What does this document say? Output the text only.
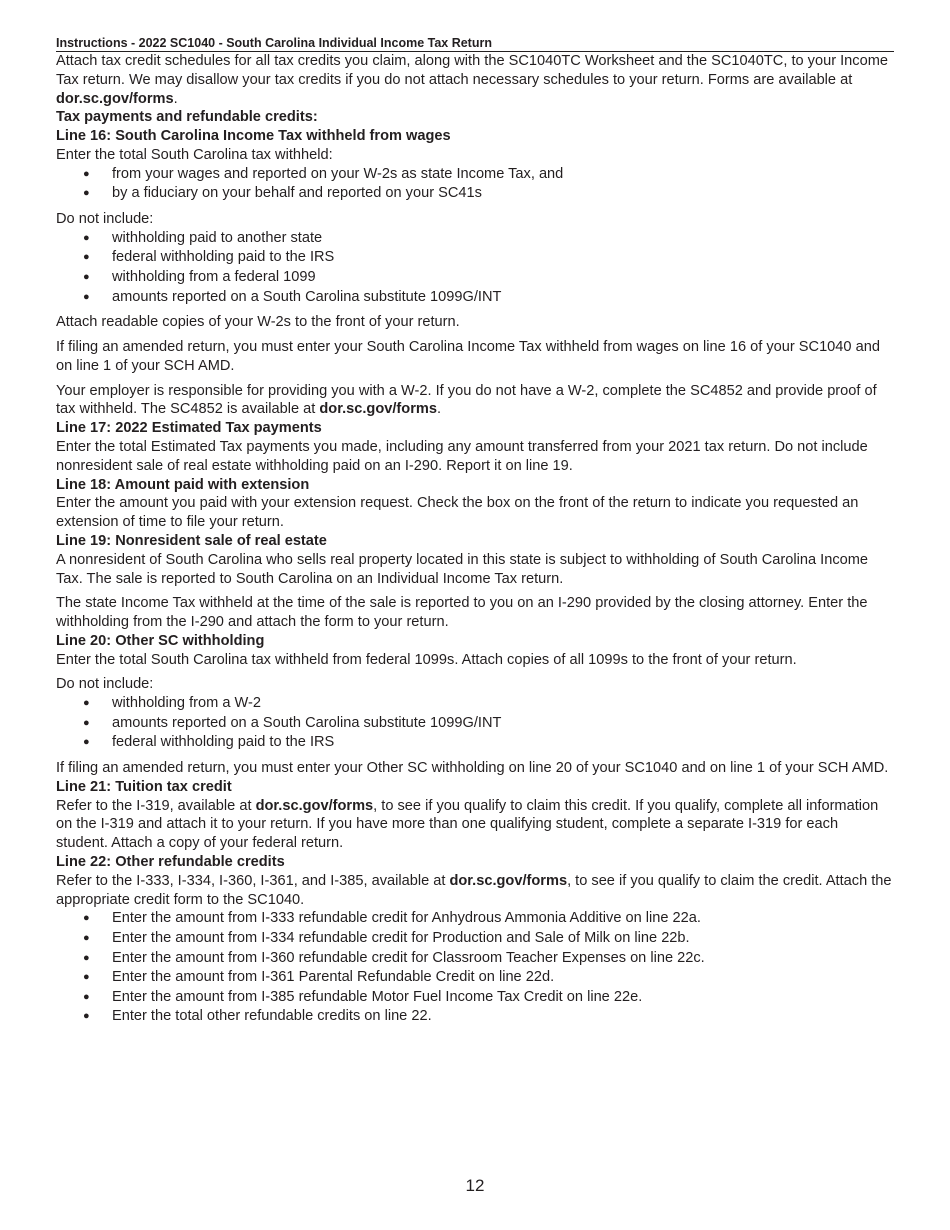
Instructions - 2022 SC1040 - South Carolina Individual Income Tax Return

Attach tax credit schedules for all tax credits you claim, along with the SC1040TC Worksheet and the SC1040TC, to your Income Tax return. We may disallow your tax credits if you do not attach necessary schedules to your return. Forms are available at dor.sc.gov/forms.

Tax payments and refundable credits:
Line 16: South Carolina Income Tax withheld from wages

Enter the total South Carolina tax withheld:

● from your wages and reported on your W-2s as state Income Tax, and
● by a fiduciary on your behalf and reported on your SC41s

Do not include:

● withholding paid to another state
● federal withholding paid to the IRS
● withholding from a federal 1099
● amounts reported on a South Carolina substitute 1099G/INT

Attach readable copies of your W-2s to the front of your return.

If filing an amended return, you must enter your South Carolina Income Tax withheld from wages on line 16 of your SC1040 and on line 1 of your SCH AMD.

Your employer is responsible for providing you with a W-2. If you do not have a W-2, complete the SC4852 and provide proof of tax withheld. The SC4852 is available at dor.sc.gov/forms.

Line 17: 2022 Estimated Tax payments

Enter the total Estimated Tax payments you made, including any amount transferred from your 2021 tax return. Do not include nonresident sale of real estate withholding paid on an I-290. Report it on line 19.

Line 18: Amount paid with extension

Enter the amount you paid with your extension request. Check the box on the front of the return to indicate you requested an extension of time to file your return.

Line 19: Nonresident sale of real estate

A nonresident of South Carolina who sells real property located in this state is subject to withholding of South Carolina Income Tax. The sale is reported to South Carolina on an Individual Income Tax return.

The state Income Tax withheld at the time of the sale is reported to you on an I-290 provided by the closing attorney. Enter the withholding from the I-290 and attach the form to your return.

Line 20: Other SC withholding

Enter the total South Carolina tax withheld from federal 1099s. Attach copies of all 1099s to the front of your return.

Do not include:

● withholding from a W-2
● amounts reported on a South Carolina substitute 1099G/INT
● federal withholding paid to the IRS

If filing an amended return, you must enter your Other SC withholding on line 20 of your SC1040 and on line 1 of your SCH AMD.

Line 21: Tuition tax credit

Refer to the I-319, available at dor.sc.gov/forms, to see if you qualify to claim this credit. If you qualify, complete all information on the I-319 and attach it to your return. If you have more than one qualifying student, complete a separate I-319 for each student. Attach a copy of your federal return.

Line 22: Other refundable credits

Refer to the I-333, I-334, I-360, I-361, and I-385, available at dor.sc.gov/forms, to see if you qualify to claim the credit. Attach the appropriate credit form to the SC1040.

● Enter the amount from I-333 refundable credit for Anhydrous Ammonia Additive on line 22a.
● Enter the amount from I-334 refundable credit for Production and Sale of Milk on line 22b.
● Enter the amount from I-360 refundable credit for Classroom Teacher Expenses on line 22c.
● Enter the amount from I-361 Parental Refundable Credit on line 22d.
● Enter the amount from I-385 refundable Motor Fuel Income Tax Credit on line 22e.
● Enter the total other refundable credits on line 22.
12
